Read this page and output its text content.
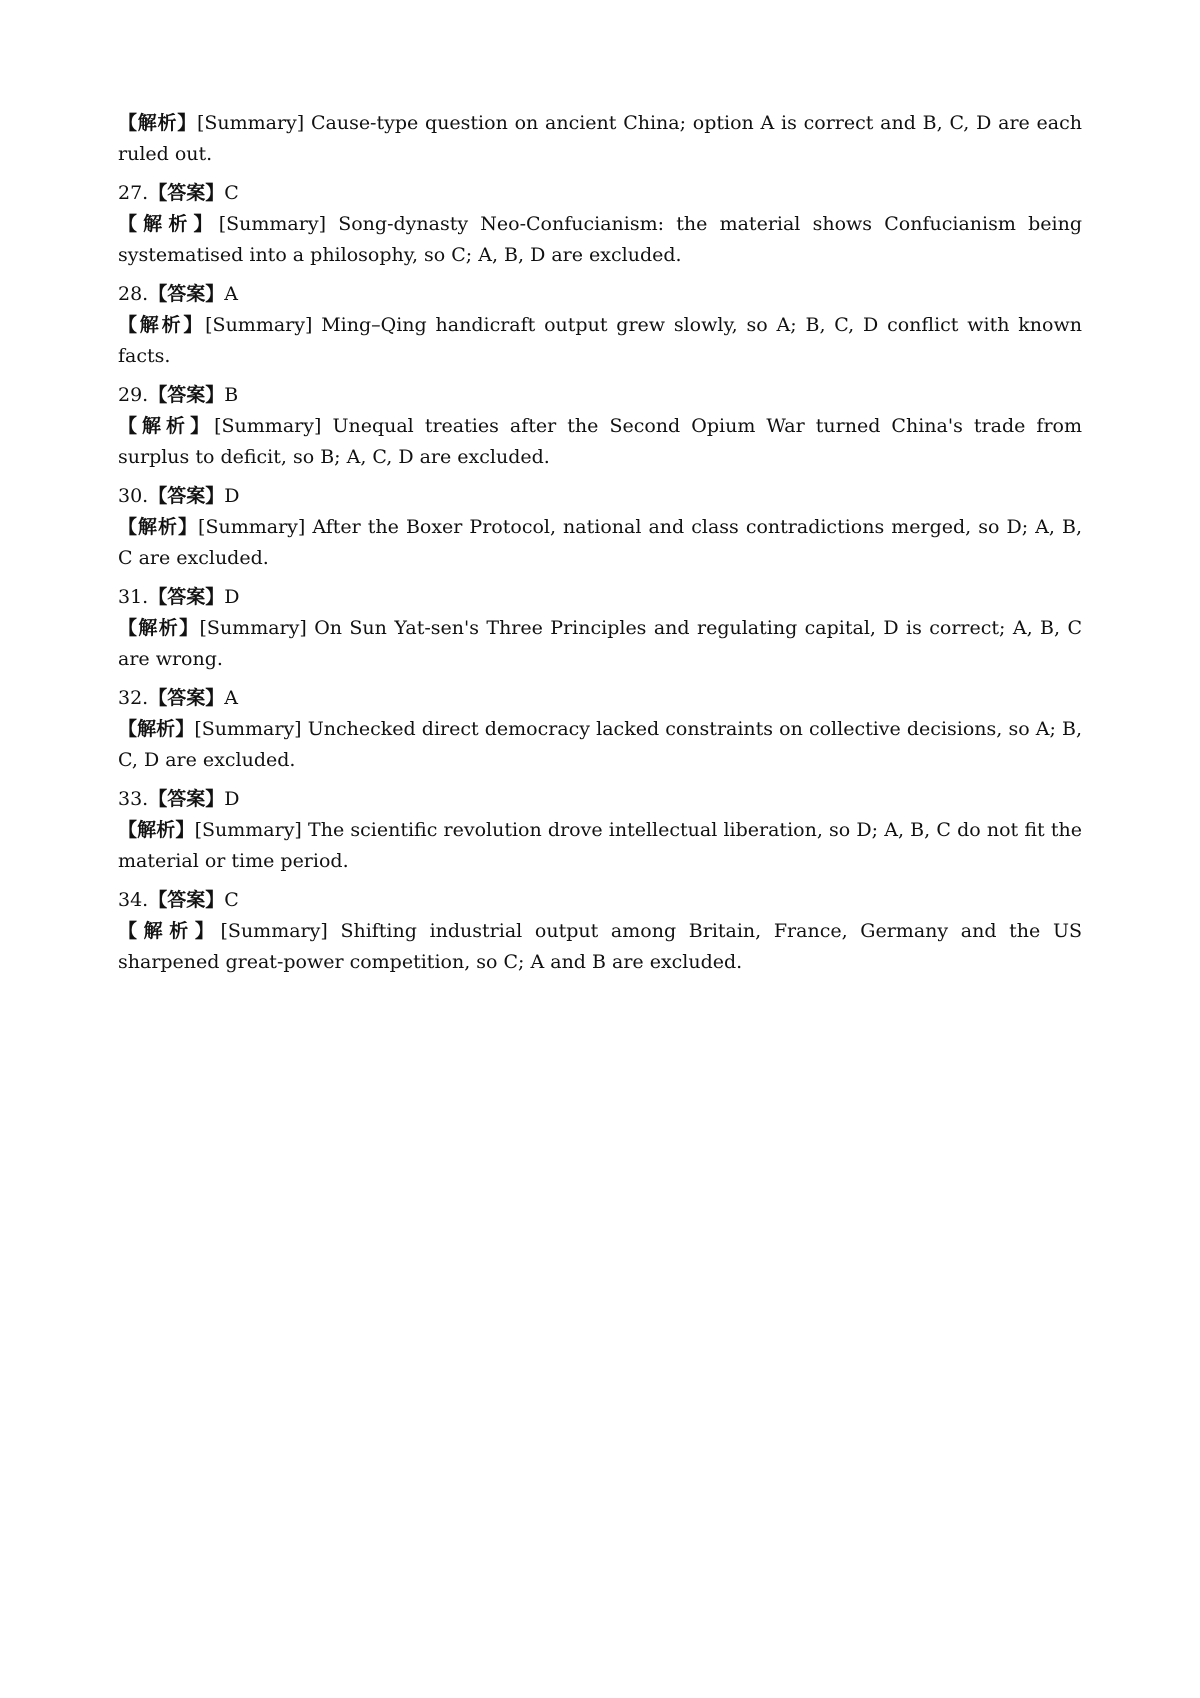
【解析】[Summary] Cause-type question on ancient China; option A is correct and B, C, D are each ruled out.

27.【答案】C

【解析】[Summary] Song-dynasty Neo-Confucianism: the material shows Confucianism being systematised into a philosophy, so C; A, B, D are excluded.

28.【答案】A

【解析】[Summary] Ming–Qing handicraft output grew slowly, so A; B, C, D conflict with known facts.

29.【答案】B

【解析】[Summary] Unequal treaties after the Second Opium War turned China's trade from surplus to deficit, so B; A, C, D are excluded.

30.【答案】D

【解析】[Summary] After the Boxer Protocol, national and class contradictions merged, so D; A, B, C are excluded.

31.【答案】D

【解析】[Summary] On Sun Yat-sen's Three Principles and regulating capital, D is correct; A, B, C are wrong.

32.【答案】A

【解析】[Summary] Unchecked direct democracy lacked constraints on collective decisions, so A; B, C, D are excluded.

33.【答案】D

【解析】[Summary] The scientific revolution drove intellectual liberation, so D; A, B, C do not fit the material or time period.

34.【答案】C

【解析】[Summary] Shifting industrial output among Britain, France, Germany and the US sharpened great-power competition, so C; A and B are excluded.
